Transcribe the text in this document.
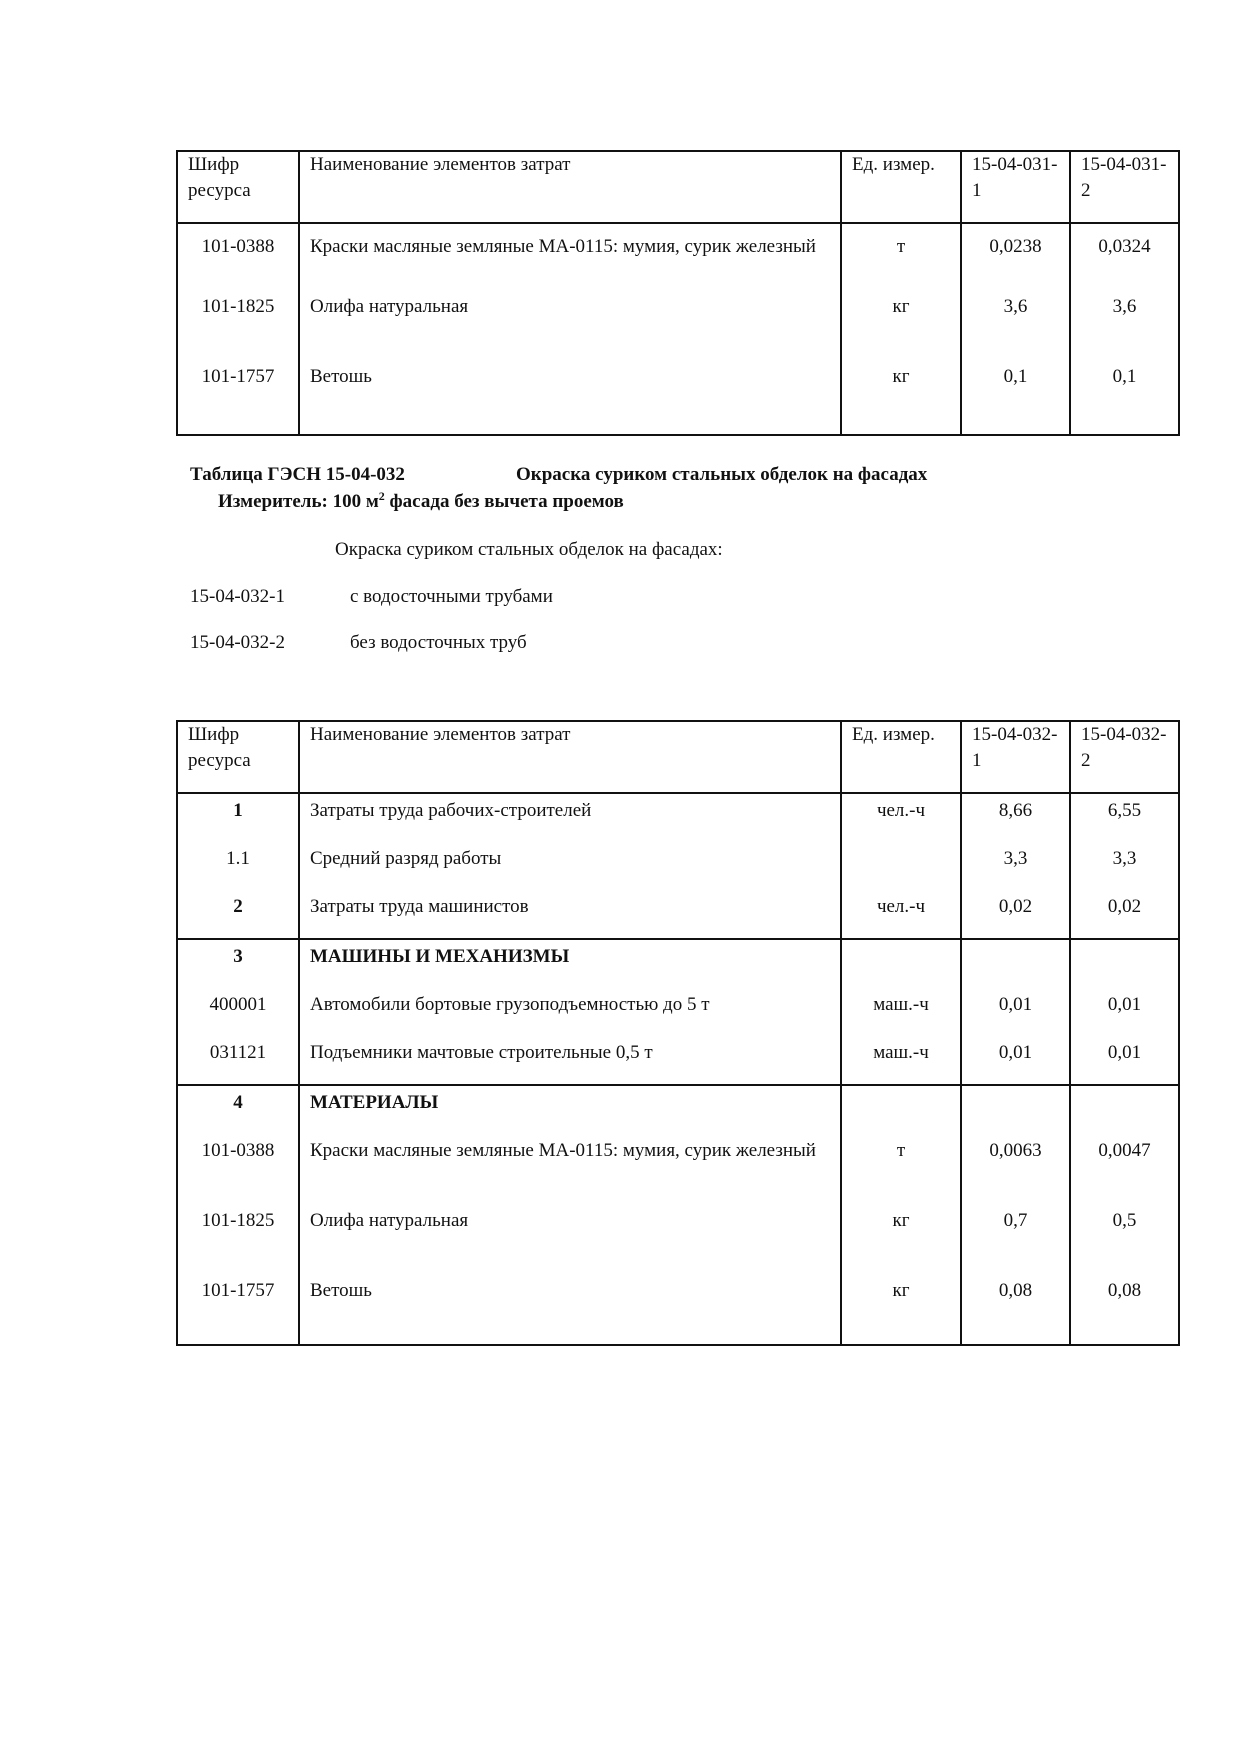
Шифр ресурса	Наименование элементов затрат	Ед. измер.	15-04-031-1	15-04-031-2
101-0388	Краски масляные земляные МА-0115: мумия, сурик железный	т	0,0238	0,0324
101-1825	Олифа натуральная	кг	3,6	3,6
101-1757	Ветошь	кг	0,1	0,1
Таблица ГЭСН 15-04-032	Окраска суриком стальных обделок на фасадах
Измеритель: 100 $м^2$ фасада без вычета проемов
Окраска суриком стальных обделок на фасадах:
15-04-032-1	с водосточными трубами
15-04-032-2	без водосточных труб
Шифр ресурса	Наименование элементов затрат	Ед. измер.	15-04-032-1	15-04-032-2
1	Затраты труда рабочих-строителей	чел.-ч	8,66	6,55
1.1	Средний разряд работы		3,3	3,3
2	Затраты труда машинистов	чел.-ч	0,02	0,02
3	МАШИНЫ И МЕХАНИЗМЫ			
400001	Автомобили бортовые грузоподъемностью до 5 т	маш.-ч	0,01	0,01
031121	Подъемники мачтовые строительные 0,5 т	маш.-ч	0,01	0,01
4	МАТЕРИАЛЫ			
101-0388	Краски масляные земляные МА-0115: мумия, сурик железный	т	0,0063	0,0047
101-1825	Олифа натуральная	кг	0,7	0,5
101-1757	Ветошь	кг	0,08	0,08
